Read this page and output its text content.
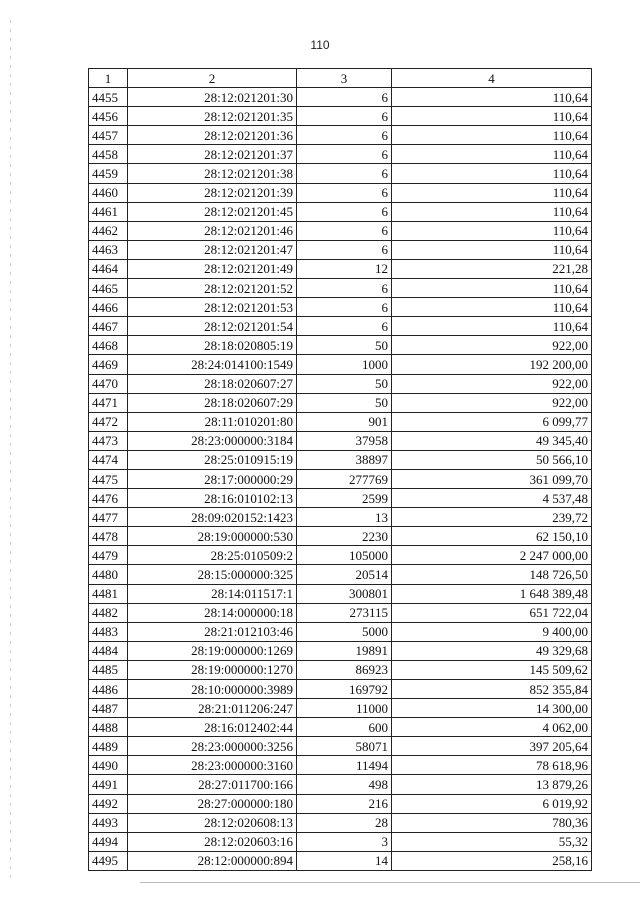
110
1	2	3	4
4455	28:12:021201:30	6	110,64
4456	28:12:021201:35	6	110,64
4457	28:12:021201:36	6	110,64
4458	28:12:021201:37	6	110,64
4459	28:12:021201:38	6	110,64
4460	28:12:021201:39	6	110,64
4461	28:12:021201:45	6	110,64
4462	28:12:021201:46	6	110,64
4463	28:12:021201:47	6	110,64
4464	28:12:021201:49	12	221,28
4465	28:12:021201:52	6	110,64
4466	28:12:021201:53	6	110,64
4467	28:12:021201:54	6	110,64
4468	28:18:020805:19	50	922,00
4469	28:24:014100:1549	1000	192 200,00
4470	28:18:020607:27	50	922,00
4471	28:18:020607:29	50	922,00
4472	28:11:010201:80	901	6 099,77
4473	28:23:000000:3184	37958	49 345,40
4474	28:25:010915:19	38897	50 566,10
4475	28:17:000000:29	277769	361 099,70
4476	28:16:010102:13	2599	4 537,48
4477	28:09:020152:1423	13	239,72
4478	28:19:000000:530	2230	62 150,10
4479	28:25:010509:2	105000	2 247 000,00
4480	28:15:000000:325	20514	148 726,50
4481	28:14:011517:1	300801	1 648 389,48
4482	28:14:000000:18	273115	651 722,04
4483	28:21:012103:46	5000	9 400,00
4484	28:19:000000:1269	19891	49 329,68
4485	28:19:000000:1270	86923	145 509,62
4486	28:10:000000:3989	169792	852 355,84
4487	28:21:011206:247	11000	14 300,00
4488	28:16:012402:44	600	4 062,00
4489	28:23:000000:3256	58071	397 205,64
4490	28:23:000000:3160	11494	78 618,96
4491	28:27:011700:166	498	13 879,26
4492	28:27:000000:180	216	6 019,92
4493	28:12:020608:13	28	780,36
4494	28:12:020603:16	3	55,32
4495	28:12:000000:894	14	258,16
